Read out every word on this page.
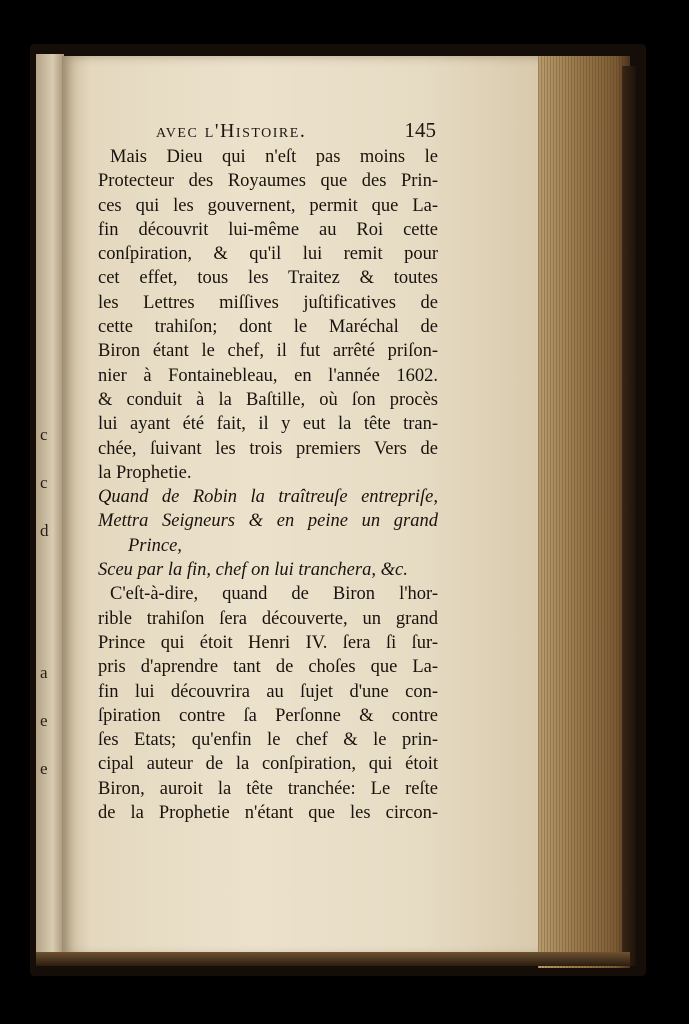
c
c
d
a
e
e
avec l'Histoire.	145
Mais Dieu qui n'eſt pas moins le
Protecteur des Royaumes que des Prin-
ces qui les gouvernent, permit que La-
fin découvrit lui-même au Roi cette
conſpiration, & qu'il lui remit pour
cet effet, tous les Traitez & toutes
les Lettres miſſives juſtificatives de
cette trahiſon; dont le Maréchal de
Biron étant le chef, il fut arrêté priſon-
nier à Fontainebleau, en l'année 1602.
& conduit à la Baſtille, où ſon procès
lui ayant été fait, il y eut la tête tran-
chée, ſuivant les trois premiers Vers de
la Prophetie.
Quand de Robin la traîtreuſe entrepriſe,
Mettra Seigneurs & en peine un grand
Prince,
Sceu par la fin, chef on lui tranchera, &c.
C'eſt-à-dire, quand de Biron l'hor-
rible trahiſon ſera découverte, un grand
Prince qui étoit Henri IV. ſera ſi ſur-
pris d'aprendre tant de choſes que La-
fin lui découvrira au ſujet d'une con-
ſpiration contre ſa Perſonne & contre
ſes Etats; qu'enfin le chef & le prin-
cipal auteur de la conſpiration, qui étoit
Biron, auroit la tête tranchée: Le reſte
de la Prophetie n'étant que les circon-
